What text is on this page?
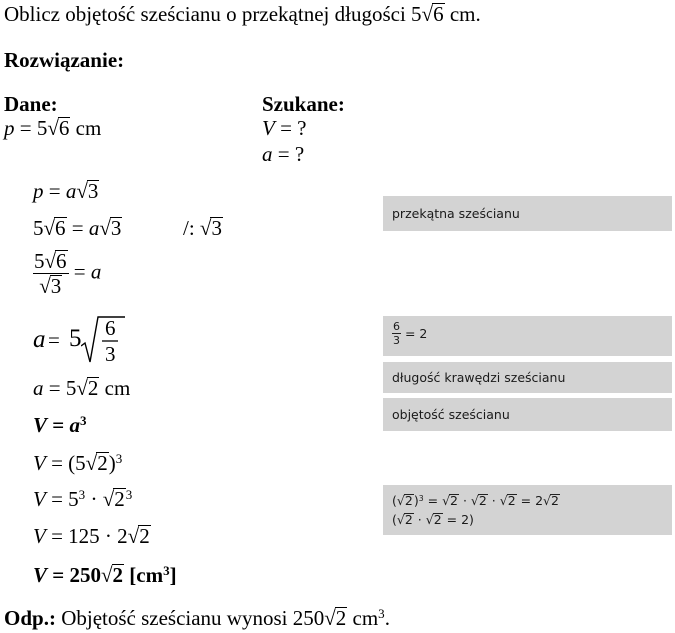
Oblicz objętość sześcianu o przekątnej długości 5√6 cm.
Rozwiązanie:
Dane:
p = 5√6 cm
Szukane:
V = ?
a = ?
p = a√3
5√6 = a√3	/: √3
$\frac{5√6}{√3} = a$
a = 5 6
3
a = 5√2 cm
$V = a^3$
$V = (5√2)^3$
$V = 5^3 \cdot √2^3$
V = 125 · 2√2
V = 250√2 $[cm^3]$
przekątna sześcianu
$\frac{6}{3} = 2$
długość krawędzi sześcianu
objętość sześcianu
$(√2)^3 = √2 \cdot √2 \cdot √2 = 2√2$
(√2 · √2 = 2)
Odp.: Objętość sześcianu wynosi 250√2 $cm^3$.
